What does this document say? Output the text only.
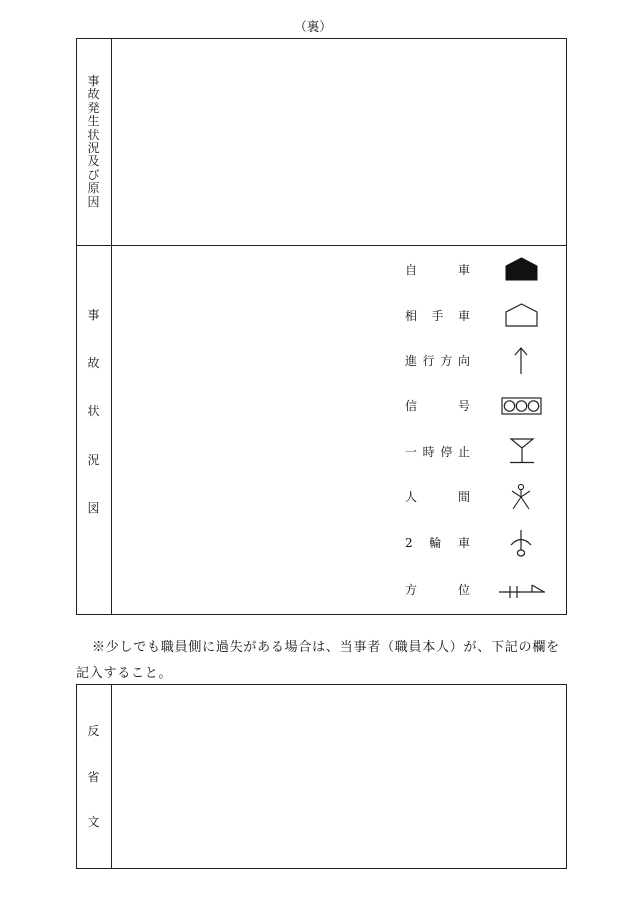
（裏）
事
故
発
生
状
況
及
び
原
因
事
故
状
況
図
自	車
相 手 車
進 行 方 向
信	号
一 時 停 止
人	間
2 輪 車
方	位

※少しでも職員側に過失がある場合は、当事者（職員本人）が、下記の欄を記入すること。

反
省
文
